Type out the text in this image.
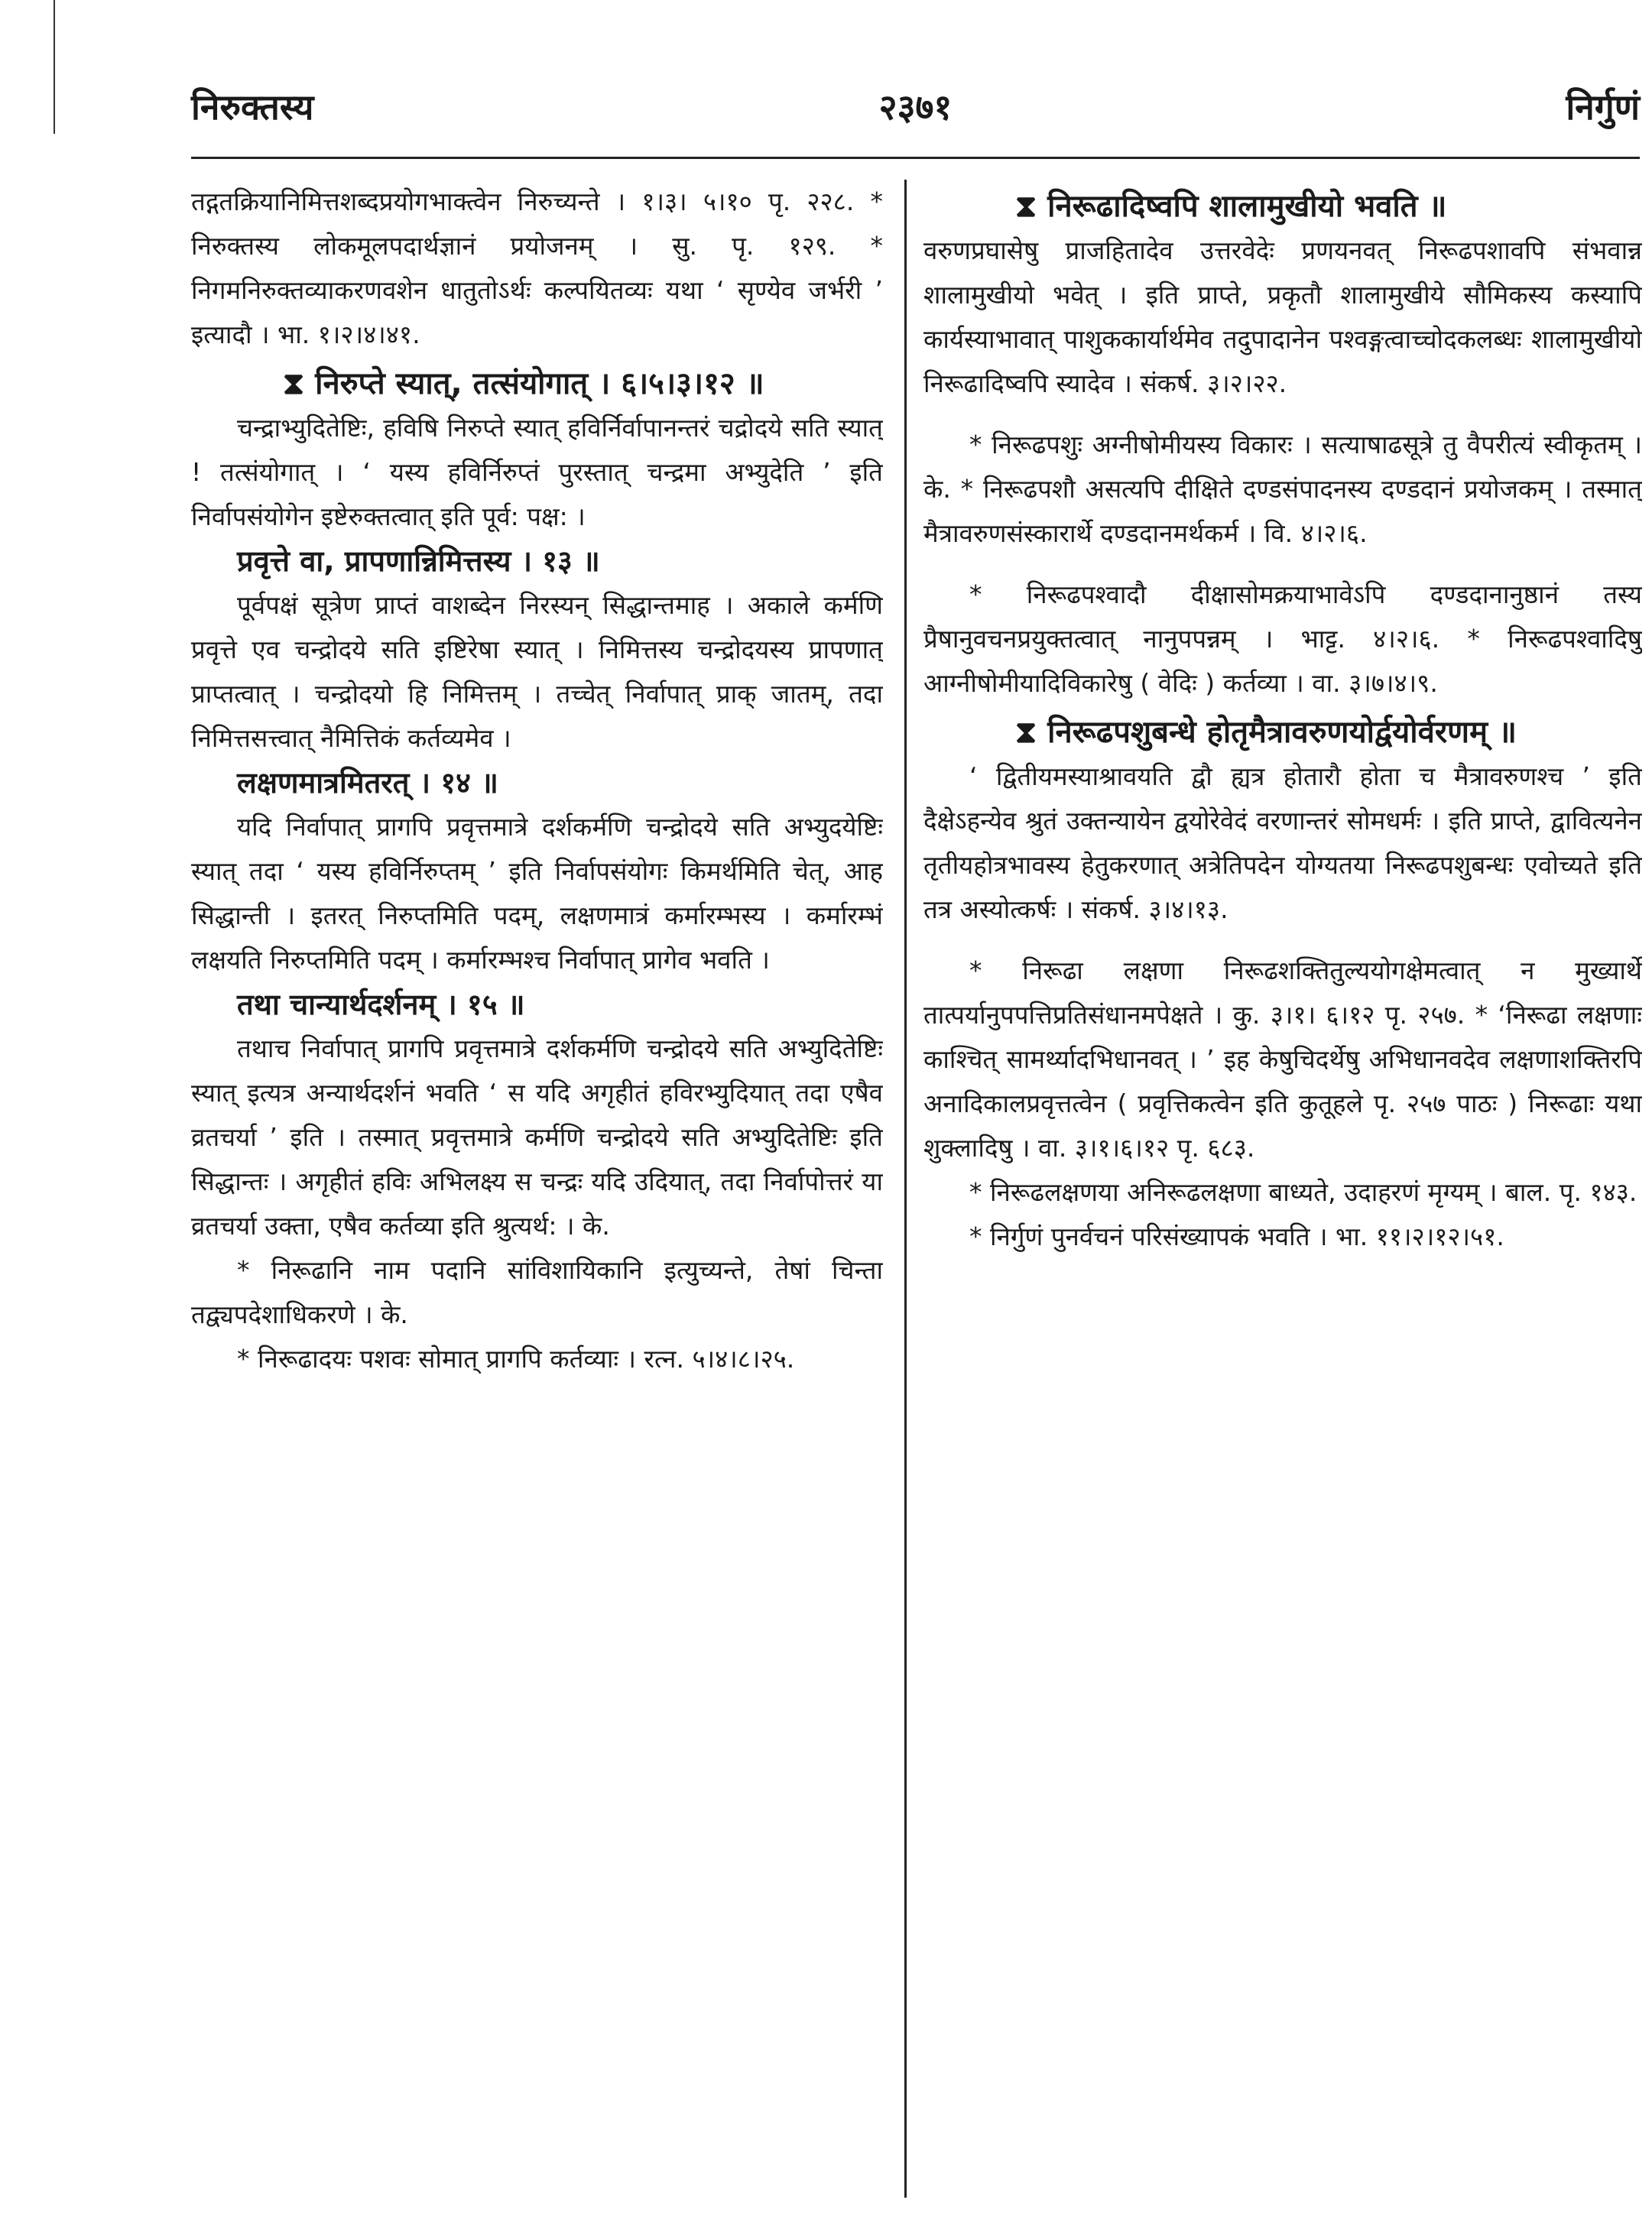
निरुक्तस्य	२३७१	निर्गुणं

तद्गतक्रियानिमित्तशब्दप्रयोगभाक्त्वेन निरुच्यन्ते । १।३। ५।१० पृ. २२८. * निरुक्तस्य लोकमूलपदार्थज्ञानं प्रयोजनम् । सु. पृ. १२९. * निगमनिरुक्तव्याकरणवशेन धातुतोऽर्थः कल्पयितव्यः यथा ‘ सृण्येव जर्भरी ’ इत्यादौ । भा. १।२।४।४१.

⧗ निरुप्ते स्यात्, तत्संयोगात् । ६।५।३।१२ ॥

चन्द्राभ्युदितेष्टिः, हविषि निरुप्ते स्यात् हविर्निर्वापानन्तरं चद्रोदये सति स्यात् ! तत्संयोगात् । ‘ यस्य हविर्निरुप्तं पुरस्तात् चन्द्रमा अभ्युदेति ’ इति निर्वापसंयोगेन इष्टेरुक्तत्वात् इति पूर्व: पक्ष: ।

प्रवृत्ते वा, प्रापणान्निमित्तस्य । १३ ॥

पूर्वपक्षं सूत्रेण प्राप्तं वाशब्देन निरस्यन् सिद्धान्तमाह । अकाले कर्मणि प्रवृत्ते एव चन्द्रोदये सति इष्टिरेषा स्यात् । निमित्तस्य चन्द्रोदयस्य प्रापणात् प्राप्तत्वात् । चन्द्रोदयो हि निमित्तम् । तच्चेत् निर्वापात् प्राक् जातम्, तदा निमित्तसत्त्वात् नैमित्तिकं कर्तव्यमेव ।

लक्षणमात्रमितरत् । १४ ॥

यदि निर्वापात् प्रागपि प्रवृत्तमात्रे दर्शकर्मणि चन्द्रोदये सति अभ्युदयेष्टिः स्यात् तदा ‘ यस्य हविर्निरुप्तम् ’ इति निर्वापसंयोगः किमर्थमिति चेत्, आह सिद्धान्ती । इतरत् निरुप्तमिति पदम्, लक्षणमात्रं कर्मारम्भस्य । कर्मारम्भं लक्षयति निरुप्तमिति पदम् । कर्मारम्भश्च निर्वापात् प्रागेव भवति ।

तथा चान्यार्थदर्शनम् । १५ ॥

तथाच निर्वापात् प्रागपि प्रवृत्तमात्रे दर्शकर्मणि चन्द्रोदये सति अभ्युदितेष्टिः स्यात् इत्यत्र अन्यार्थदर्शनं भवति ‘ स यदि अगृहीतं हविरभ्युदियात् तदा एषैव व्रतचर्या ’ इति । तस्मात् प्रवृत्तमात्रे कर्मणि चन्द्रोदये सति अभ्युदितेष्टिः इति सिद्धान्तः । अगृहीतं हविः अभिलक्ष्य स चन्द्रः यदि उदियात्, तदा निर्वापोत्तरं या व्रतचर्या उक्ता, एषैव कर्तव्या इति श्रुत्यर्थ: । के.

* निरूढानि नाम पदानि सांविशायिकानि इत्युच्यन्ते, तेषां चिन्ता तद्व्यपदेशाधिकरणे । के.

* निरूढादयः पशवः सोमात् प्रागपि कर्तव्याः । रत्न. ५।४।८।२५.

⧗ निरूढादिष्वपि शालामुखीयो भवति ॥

वरुणप्रघासेषु प्राजहितादेव उत्तरवेदेः प्रणयनवत् निरूढपशावपि संभवान्न शालामुखीयो भवेत् । इति प्राप्ते, प्रकृतौ शालामुखीये सौमिकस्य कस्यापि कार्यस्याभावात् पाशुककार्यार्थमेव तदुपादानेन पश्वङ्गत्वाच्चोदकलब्धः शालामुखीयो निरूढादिष्वपि स्यादेव । संकर्ष. ३।२।२२.

* निरूढपशुः अग्नीषोमीयस्य विकारः । सत्याषाढसूत्रे तु वैपरीत्यं स्वीकृतम् । के. * निरूढपशौ असत्यपि दीक्षिते दण्डसंपादनस्य दण्डदानं प्रयोजकम् । तस्मात् मैत्रावरुणसंस्कारार्थे दण्डदानमर्थकर्म । वि. ४।२।६.

* निरूढपश्वादौ दीक्षासोमक्रयाभावेऽपि दण्डदानानुष्ठानं तस्य प्रैषानुवचनप्रयुक्तत्वात् नानुपपन्नम् । भाट्ट. ४।२।६. * निरूढपश्वादिषु आग्नीषोमीयादिविकारेषु ( वेदिः ) कर्तव्या । वा. ३।७।४।९.

⧗ निरूढपशुबन्धे होतृमैत्रावरुणयोर्द्वयोर्वरणम् ॥

‘ द्वितीयमस्याश्रावयति द्वौ ह्यत्र होतारौ होता च मैत्रावरुणश्च ’ इति दैक्षेऽहन्येव श्रुतं उक्तन्यायेन द्वयोरेवेदं वरणान्तरं सोमधर्मः । इति प्राप्ते, द्वावित्यनेन तृतीयहोत्रभावस्य हेतुकरणात् अत्रेतिपदेन योग्यतया निरूढपशुबन्धः एवोच्यते इति तत्र अस्योत्कर्षः । संकर्ष. ३।४।१३.

* निरूढा लक्षणा निरूढशक्तितुल्ययोगक्षेमत्वात् न मुख्यार्थे तात्पर्यानुपपत्तिप्रतिसंधानमपेक्षते । कु. ३।१। ६।१२ पृ. २५७. * ‘निरूढा लक्षणाः काश्चित् सामर्थ्यादभिधानवत् । ’ इह केषुचिदर्थेषु अभिधानवदेव लक्षणाशक्तिरपि अनादिकालप्रवृत्तत्वेन ( प्रवृत्तिकत्वेन इति कुतूहले पृ. २५७ पाठः ) निरूढाः यथा शुक्लादिषु । वा. ३।१।६।१२ पृ. ६८३.

* निरूढलक्षणया अनिरूढलक्षणा बाध्यते, उदाहरणं मृग्यम् । बाल. पृ. १४३.

* निर्गुणं पुनर्वचनं परिसंख्यापकं भवति । भा. ११।२।१२।५१.
